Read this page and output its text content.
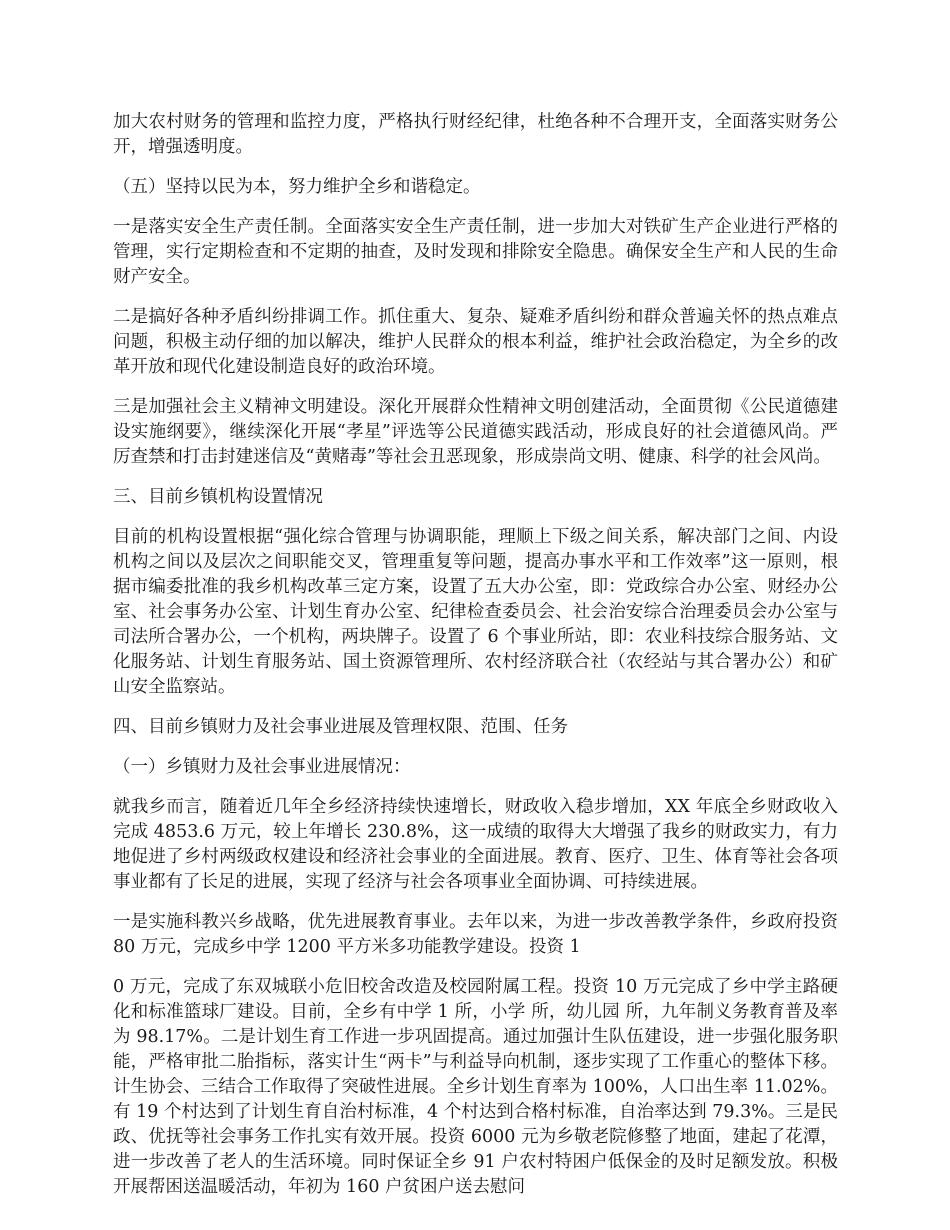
加大农村财务的管理和监控力度，严格执行财经纪律，杜绝各种不合理开支，全面落实财务公开，增强透明度。

（五）坚持以民为本，努力维护全乡和谐稳定。

一是落实安全生产责任制。全面落实安全生产责任制，进一步加大对铁矿生产企业进行严格的管理，实行定期检查和不定期的抽查，及时发现和排除安全隐患。确保安全生产和人民的生命财产安全。

二是搞好各种矛盾纠纷排调工作。抓住重大、复杂、疑难矛盾纠纷和群众普遍关怀的热点难点问题，积极主动仔细的加以解决，维护人民群众的根本利益，维护社会政治稳定，为全乡的改革开放和现代化建设制造良好的政治环境。

三是加强社会主义精神文明建设。深化开展群众性精神文明创建活动，全面贯彻《公民道德建设实施纲要》，继续深化开展“孝星”评选等公民道德实践活动，形成良好的社会道德风尚。严厉查禁和打击封建迷信及“黄赌毒”等社会丑恶现象，形成崇尚文明、健康、科学的社会风尚。

三、目前乡镇机构设置情况

目前的机构设置根据“强化综合管理与协调职能，理顺上下级之间关系，解决部门之间、内设机构之间以及层次之间职能交叉，管理重复等问题，提高办事水平和工作效率”这一原则，根据市编委批准的我乡机构改革三定方案，设置了五大办公室，即：党政综合办公室、财经办公室、社会事务办公室、计划生育办公室、纪律检查委员会、社会治安综合治理委员会办公室与司法所合署办公，一个机构，两块牌子。设置了 6 个事业所站，即：农业科技综合服务站、文化服务站、计划生育服务站、国土资源管理所、农村经济联合社（农经站与其合署办公）和矿山安全监察站。

四、目前乡镇财力及社会事业进展及管理权限、范围、任务

（一）乡镇财力及社会事业进展情况：

就我乡而言，随着近几年全乡经济持续快速增长，财政收入稳步增加，XX 年底全乡财政收入完成 4853.6 万元，较上年增长 230.8%，这一成绩的取得大大增强了我乡的财政实力，有力地促进了乡村两级政权建设和经济社会事业的全面进展。教育、医疗、卫生、体育等社会各项事业都有了长足的进展，实现了经济与社会各项事业全面协调、可持续进展。

一是实施科教兴乡战略，优先进展教育事业。去年以来，为进一步改善教学条件，乡政府投资 80 万元，完成乡中学 1200 平方米多功能教学建设。投资 1

0 万元，完成了东双城联小危旧校舍改造及校园附属工程。投资 10 万元完成了乡中学主路硬化和标准篮球厂建设。目前，全乡有中学 1 所，小学 所，幼儿园 所，九年制义务教育普及率为 98.17%。二是计划生育工作进一步巩固提高。通过加强计生队伍建设，进一步强化服务职能，严格审批二胎指标，落实计生“两卡”与利益导向机制，逐步实现了工作重心的整体下移。计生协会、三结合工作取得了突破性进展。全乡计划生育率为 100%，人口出生率 11.02%。有 19 个村达到了计划生育自治村标准，4 个村达到合格村标准，自治率达到 79.3%。三是民政、优抚等社会事务工作扎实有效开展。投资 6000 元为乡敬老院修整了地面，建起了花潭，进一步改善了老人的生活环境。同时保证全乡 91 户农村特困户低保金的及时足额发放。积极开展帮困送温暖活动，年初为 160 户贫困户送去慰问
